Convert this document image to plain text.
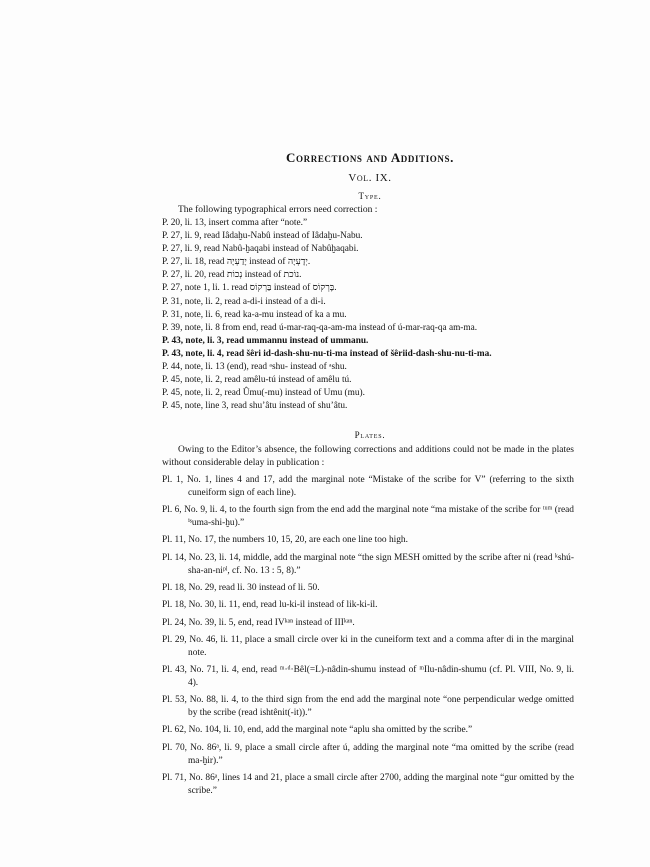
Corrections and Additions.
Vol. IX.
Type.
The following typographical errors need correction :
P. 20, li. 13, insert comma after “note.”
P. 27, li. 9, read Iâdaḫu-Nabû instead of Iâdaḫu-Nabu.
P. 27, li. 9, read Nabû-ḫaqabi instead of Nabûḫaqabi.
P. 27, li. 18, read יָדַעְיָה instead of יְדָעְיָה.
P. 27, li. 20, read נְכוֹת instead of נוֹכת.
P. 27, note 1, li. 1. read בַּרְקוֹס instead of בָּרְקוֹס.
P. 31, note, li. 2, read a-di-i instead of a di-i.
P. 31, note, li. 6, read ka-a-mu instead of ka a mu.
P. 39, note, li. 8 from end, read ú-mar-raq-qa-am-ma instead of ú-mar-raq-qa am-ma.
P. 43, note, li. 3, read ummannu instead of ummanu.
P. 43, note, li. 4, read šêri id-dash-shu-nu-ti-ma instead of šêriid-dash-shu-nu-ti-ma.
P. 44, note, li. 13 (end), read ᵃshu- instead of ᵃshu.
P. 45, note, li. 2, read amêlu-tú instead of amêlu tú.
P. 45, note, li. 2, read Ûmu(-mu) instead of Umu (mu).
P. 45, note, line 3, read shu’âtu instead of shu’âtu.
Plates.
Owing to the Editor’s absence, the following corrections and additions could not be made in the plates without considerable delay in publication :
Pl. 1, No. 1, lines 4 and 17, add the marginal note “Mistake of the scribe for V” (referring to the sixth cuneiform sign of each line).
Pl. 6, No. 9, li. 4, to the fourth sign from the end add the marginal note “ma mistake of the scribe for ᵗᵘᵐ (read ⁱˢuma-shi-ḫu).”
Pl. 11, No. 17, the numbers 10, 15, 20, are each one line too high.
Pl. 14, No. 23, li. 14, middle, add the marginal note “the sign MESH omitted by the scribe after ni (read ᵏshú-sha-an-niᵖˡ, cf. No. 13 : 5, 8).”
Pl. 18, No. 29, read li. 30 instead of li. 50.
Pl. 18, No. 30, li. 11, end, read lu-ki-il instead of lik-ki-il.
Pl. 24, No. 39, li. 5, end, read IVᵏᵃⁿ instead of IIIᵏᵃⁿ.
Pl. 29, No. 46, li. 11, place a small circle over ki in the cuneiform text and a comma after di in the marginal note.
Pl. 43, No. 71, li. 4, end, read ᵐ·ᵈ·Bêl(=L)-nâdin-shumu instead of ᵐIlu-nâdin-shumu (cf. Pl. VIII, No. 9, li. 4).
Pl. 53, No. 88, li. 4, to the third sign from the end add the marginal note “one perpendicular wedge omitted by the scribe (read ishtênit(-it)).”
Pl. 62, No. 104, li. 10, end, add the marginal note “aplu sha omitted by the scribe.”
Pl. 70, No. 86ᵃ, li. 9, place a small circle after ú, adding the marginal note “ma omitted by the scribe (read ma-ḫir).”
Pl. 71, No. 86ᵃ, lines 14 and 21, place a small circle after 2700, adding the marginal note “gur omitted by the scribe.”
